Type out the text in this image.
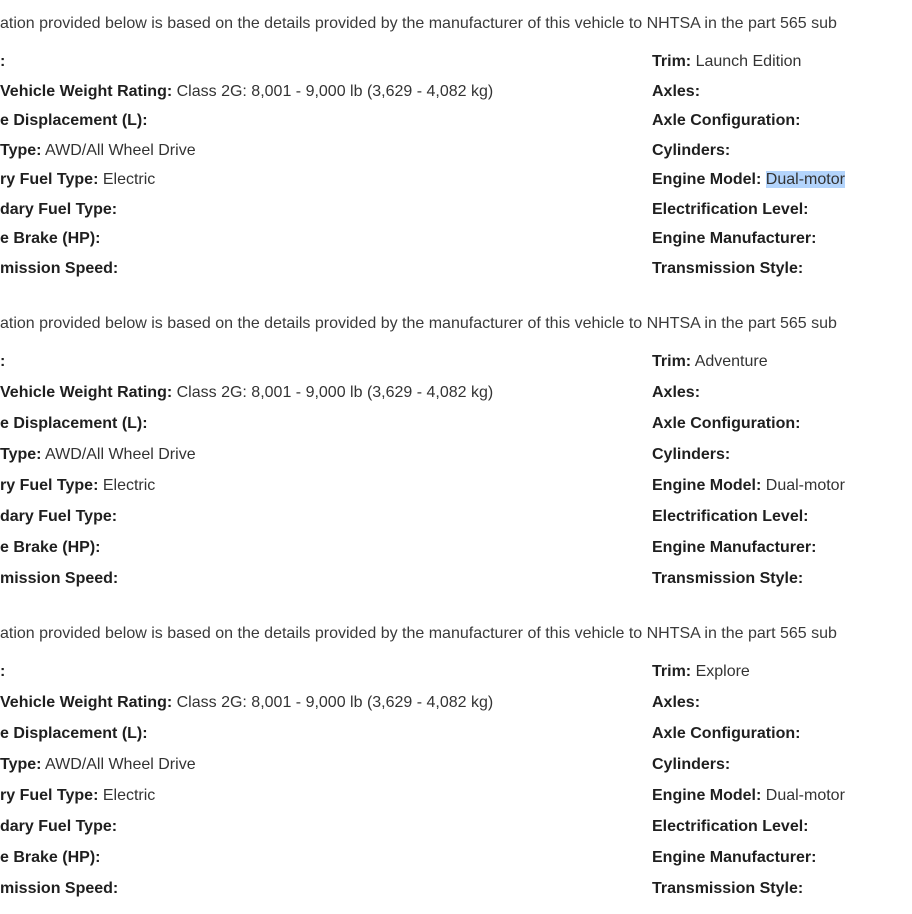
ation provided below is based on the details provided by the manufacturer of this vehicle to NHTSA in the part 565 sub
:
Vehicle Weight Rating: Class 2G: 8,001 - 9,000 lb (3,629 - 4,082 kg)
e Displacement (L):
Type: AWD/All Wheel Drive
ry Fuel Type: Electric
dary Fuel Type:
e Brake (HP):
mission Speed:
Trim: Launch Edition
Axles:
Axle Configuration:
Cylinders:
Engine Model: Dual-motor
Electrification Level:
Engine Manufacturer:
Transmission Style:
ation provided below is based on the details provided by the manufacturer of this vehicle to NHTSA in the part 565 sub
:
Vehicle Weight Rating: Class 2G: 8,001 - 9,000 lb (3,629 - 4,082 kg)
e Displacement (L):
Type: AWD/All Wheel Drive
ry Fuel Type: Electric
dary Fuel Type:
e Brake (HP):
mission Speed:
Trim: Adventure
Axles:
Axle Configuration:
Cylinders:
Engine Model: Dual-motor
Electrification Level:
Engine Manufacturer:
Transmission Style:
ation provided below is based on the details provided by the manufacturer of this vehicle to NHTSA in the part 565 sub
:
Vehicle Weight Rating: Class 2G: 8,001 - 9,000 lb (3,629 - 4,082 kg)
e Displacement (L):
Type: AWD/All Wheel Drive
ry Fuel Type: Electric
dary Fuel Type:
e Brake (HP):
mission Speed:
Trim: Explore
Axles:
Axle Configuration:
Cylinders:
Engine Model: Dual-motor
Electrification Level:
Engine Manufacturer:
Transmission Style:
